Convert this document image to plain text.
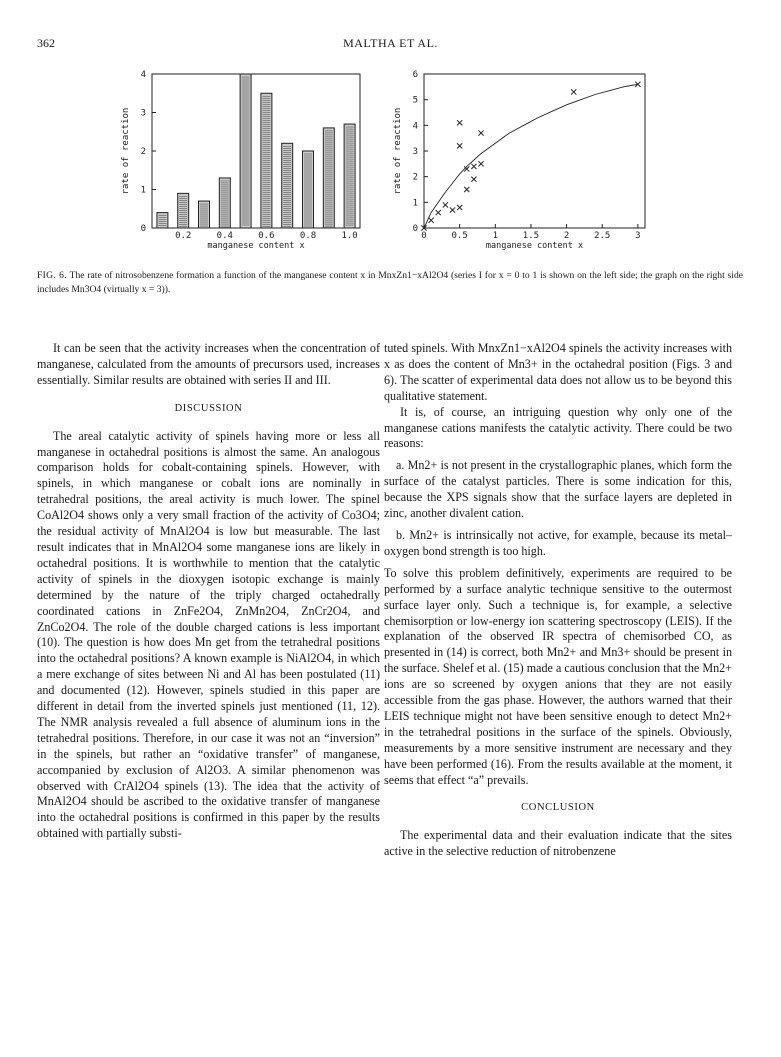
362	MALTHA ET AL.
0
1
2
3
4
0.2	0.4	0.6	0.8	1.0
manganese content x
rate of reaction
0
1
2
3
4
5
6
0	0.5	1	1.5	2	2.5	3
manganese content x
rate of reaction
FIG. 6. The rate of nitrosobenzene formation a function of the manganese content x in MnxZn1−xAl2O4 (series I for x = 0 to 1 is shown on the left side; the graph on the right side includes Mn3O4 (virtually x = 3)).

It can be seen that the activity increases when the concentration of manganese, calculated from the amounts of precursors used, increases essentially. Similar results are obtained with series II and III.

DISCUSSION

The areal catalytic activity of spinels having more or less all manganese in octahedral positions is almost the same. An analogous comparison holds for cobalt-containing spinels. However, with spinels, in which manganese or cobalt ions are nominally in tetrahedral positions, the areal activity is much lower. The spinel CoAl2O4 shows only a very small fraction of the activity of Co3O4; the residual activity of MnAl2O4 is low but measurable. The last result indicates that in MnAl2O4 some manganese ions are likely in octahedral positions. It is worthwhile to mention that the catalytic activity of spinels in the dioxygen isotopic exchange is mainly determined by the nature of the triply charged octahedrally coordinated cations in ZnFe2O4, ZnMn2O4, ZnCr2O4, and ZnCo2O4. The role of the double charged cations is less important (10). The question is how does Mn get from the tetrahedral positions into the octahedral positions? A known example is NiAl2O4, in which a mere exchange of sites between Ni and Al has been postulated (11) and documented (12). However, spinels studied in this paper are different in detail from the inverted spinels just mentioned (11, 12). The NMR analysis revealed a full absence of aluminum ions in the tetrahedral positions. Therefore, in our case it was not an “inversion” in the spinels, but rather an “oxidative transfer” of manganese, accompanied by exclusion of Al2O3. A similar phenomenon was observed with CrAl2O4 spinels (13). The idea that the activity of MnAl2O4 should be ascribed to the oxidative transfer of manganese into the octahedral positions is confirmed in this paper by the results obtained with partially substi-

tuted spinels. With MnxZn1−xAl2O4 spinels the activity increases with x as does the content of Mn3+ in the octahedral position (Figs. 3 and 6). The scatter of experimental data does not allow us to be beyond this qualitative statement.

It is, of course, an intriguing question why only one of the manganese cations manifests the catalytic activity. There could be two reasons:

a. Mn2+ is not present in the crystallographic planes, which form the surface of the catalyst particles. There is some indication for this, because the XPS signals show that the surface layers are depleted in zinc, another divalent cation.

b. Mn2+ is intrinsically not active, for example, because its metal–oxygen bond strength is too high.

To solve this problem definitively, experiments are required to be performed by a surface analytic technique sensitive to the outermost surface layer only. Such a technique is, for example, a selective chemisorption or low-energy ion scattering spectroscopy (LEIS). If the explanation of the observed IR spectra of chemisorbed CO, as presented in (14) is correct, both Mn2+ and Mn3+ should be present in the surface. Shelef et al. (15) made a cautious conclusion that the Mn2+ ions are so screened by oxygen anions that they are not easily accessible from the gas phase. However, the authors warned that their LEIS technique might not have been sensitive enough to detect Mn2+ in the tetrahedral positions in the surface of the spinels. Obviously, measurements by a more sensitive instrument are necessary and they have been performed (16). From the results available at the moment, it seems that effect “a” prevails.

CONCLUSION

The experimental data and their evaluation indicate that the sites active in the selective reduction of nitrobenzene
